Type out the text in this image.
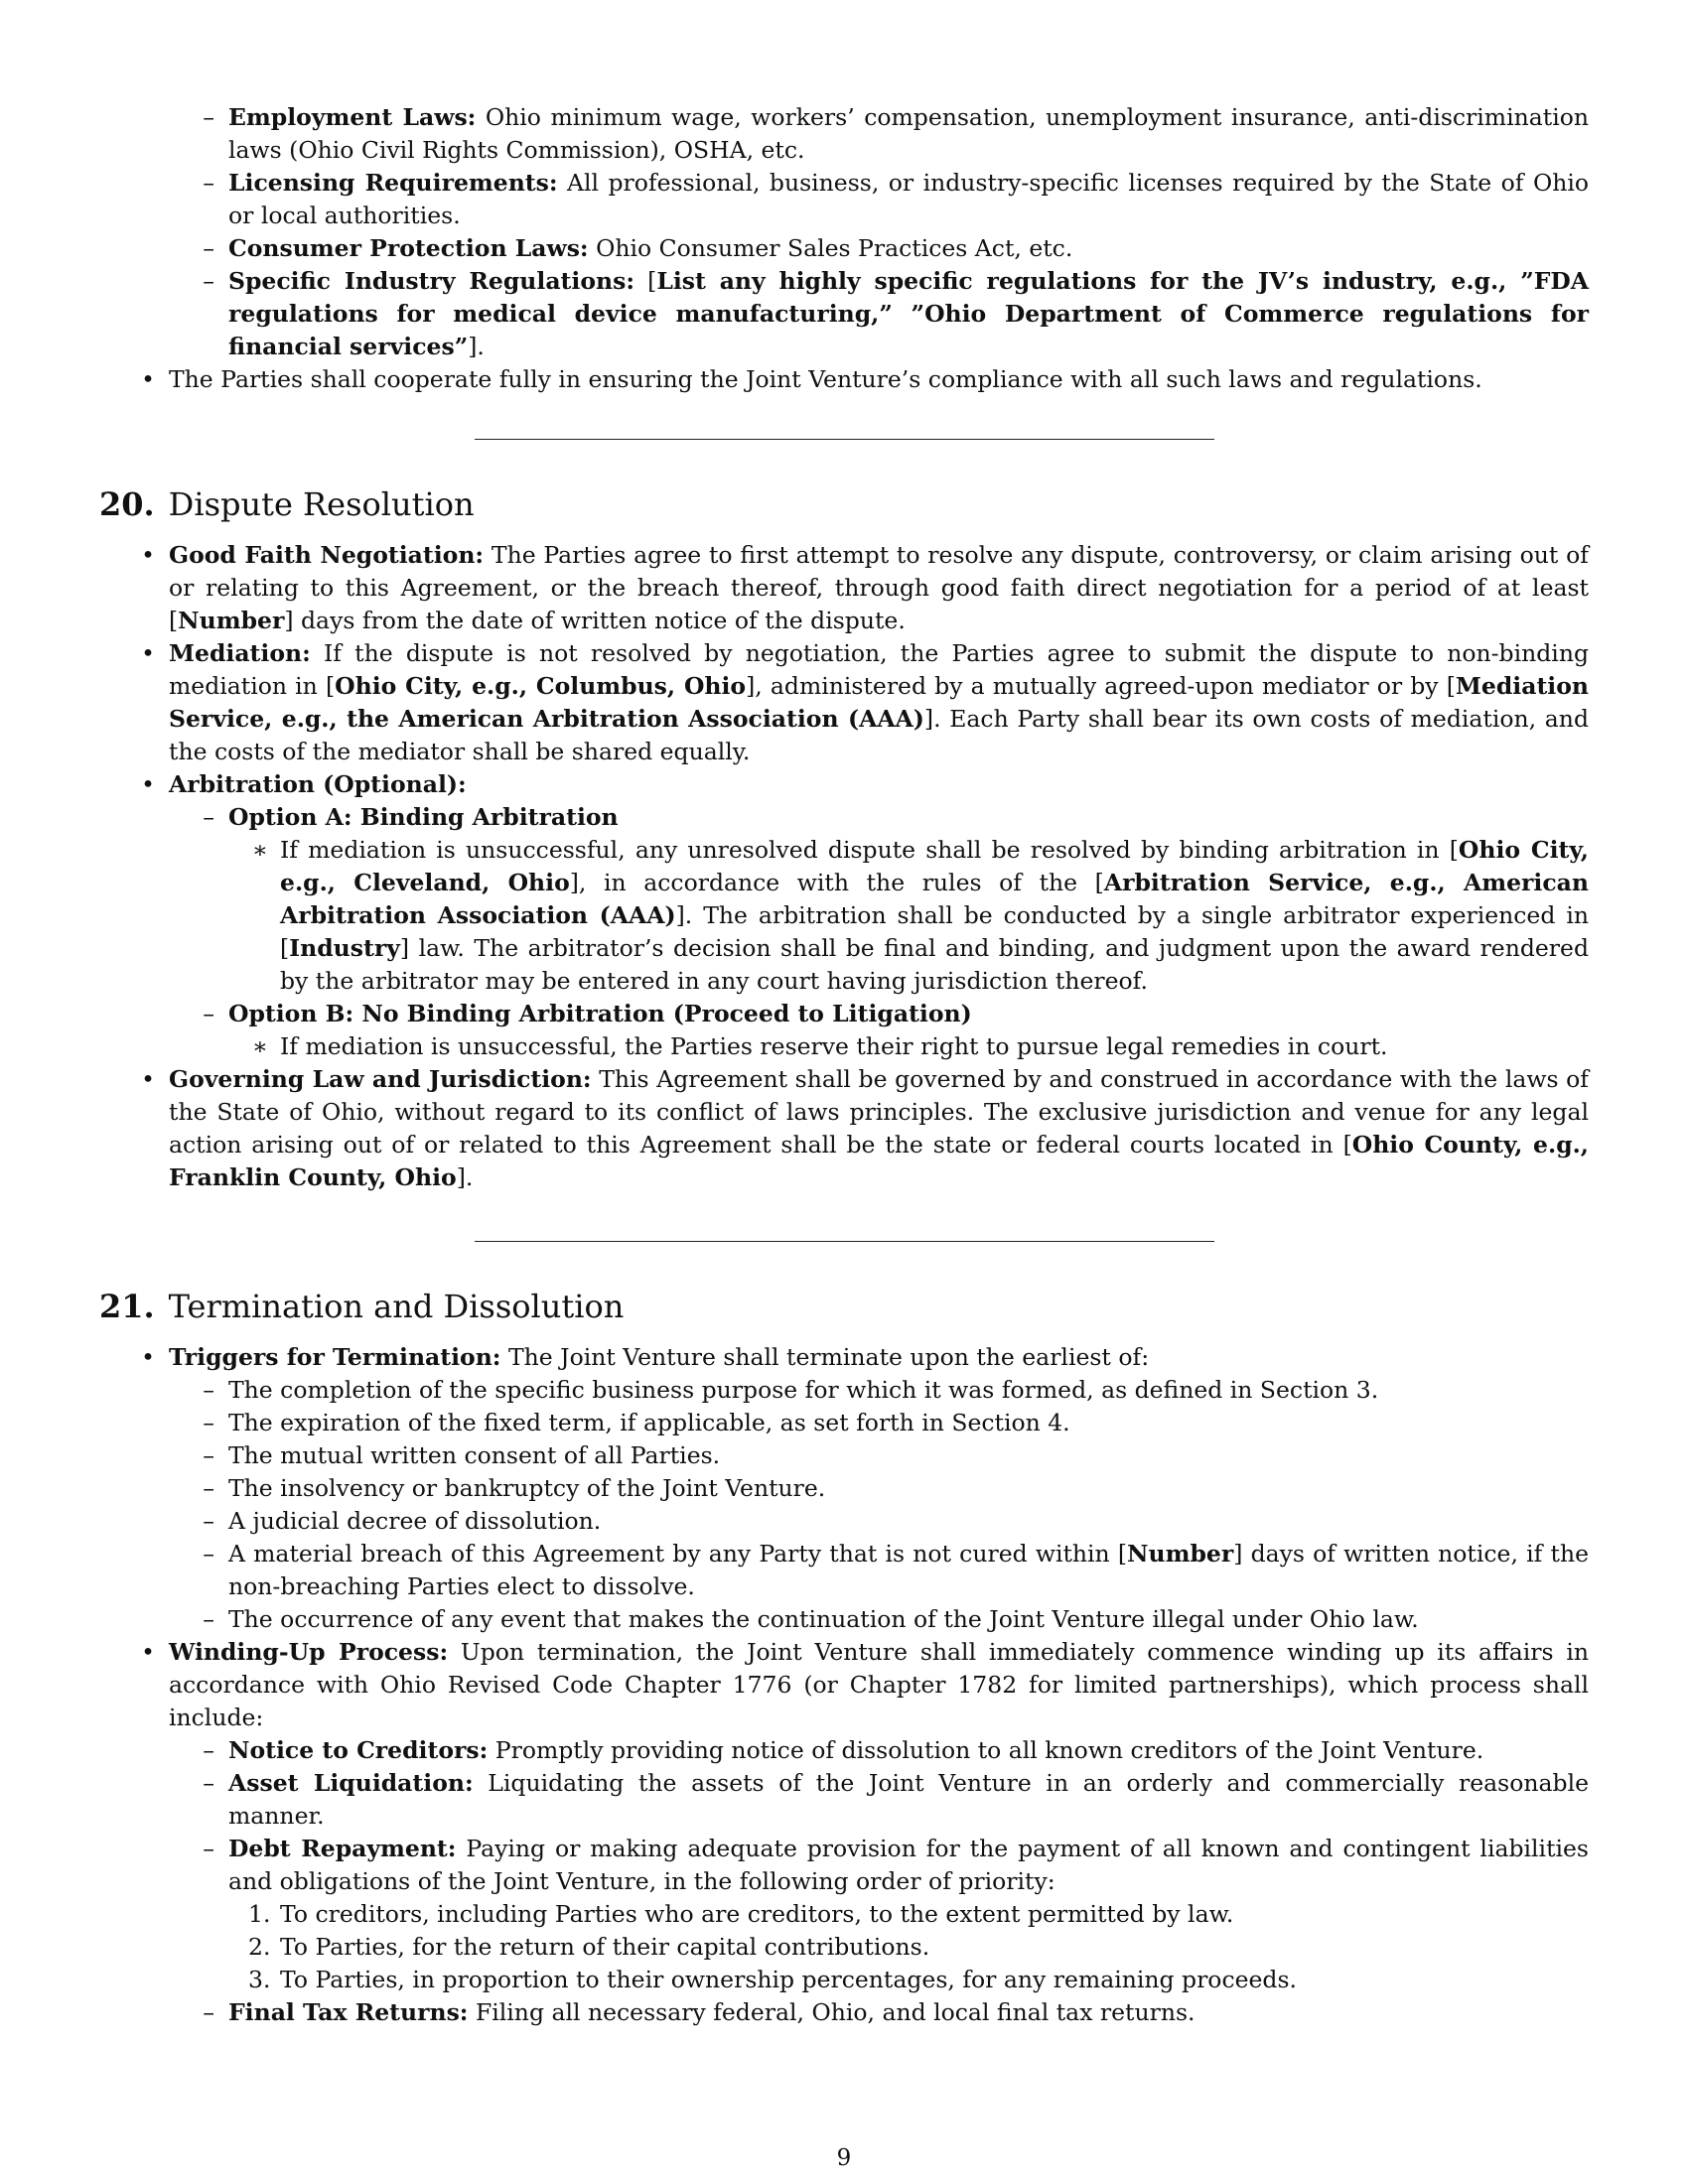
– Employment Laws: Ohio minimum wage, workers’ compensation, unemployment insurance, anti-discrimination laws (Ohio Civil Rights Commission), OSHA, etc.
– Licensing Requirements: All professional, business, or industry-specific licenses required by the State of Ohio or local authorities.
– Consumer Protection Laws: Ohio Consumer Sales Practices Act, etc.
– Specific Industry Regulations: [List any highly specific regulations for the JV’s industry, e.g., ”FDA regulations for medical device manufacturing,” ”Ohio Department of Commerce regulations for financial services”].
• The Parties shall cooperate fully in ensuring the Joint Venture’s compliance with all such laws and regulations.
20. Dispute Resolution
• Good Faith Negotiation: The Parties agree to first attempt to resolve any dispute, controversy, or claim arising out of or relating to this Agreement, or the breach thereof, through good faith direct negotiation for a period of at least [Number] days from the date of written notice of the dispute.
• Mediation: If the dispute is not resolved by negotiation, the Parties agree to submit the dispute to non-binding mediation in [Ohio City, e.g., Columbus, Ohio], administered by a mutually agreed-upon mediator or by [Mediation Service, e.g., the American Arbitration Association (AAA)]. Each Party shall bear its own costs of mediation, and the costs of the mediator shall be shared equally.
• Arbitration (Optional):
– Option A: Binding Arbitration
∗ If mediation is unsuccessful, any unresolved dispute shall be resolved by binding arbitration in [Ohio City, e.g., Cleveland, Ohio], in accordance with the rules of the [Arbitration Service, e.g., American Arbitration Association (AAA)]. The arbitration shall be conducted by a single arbitrator experienced in [Industry] law. The arbitrator’s decision shall be final and binding, and judgment upon the award rendered by the arbitrator may be entered in any court having jurisdiction thereof.
– Option B: No Binding Arbitration (Proceed to Litigation)
∗ If mediation is unsuccessful, the Parties reserve their right to pursue legal remedies in court.
• Governing Law and Jurisdiction: This Agreement shall be governed by and construed in accordance with the laws of the State of Ohio, without regard to its conflict of laws principles. The exclusive jurisdiction and venue for any legal action arising out of or related to this Agreement shall be the state or federal courts located in [Ohio County, e.g., Franklin County, Ohio].
21. Termination and Dissolution
• Triggers for Termination: The Joint Venture shall terminate upon the earliest of:
– The completion of the specific business purpose for which it was formed, as defined in Section 3.
– The expiration of the fixed term, if applicable, as set forth in Section 4.
– The mutual written consent of all Parties.
– The insolvency or bankruptcy of the Joint Venture.
– A judicial decree of dissolution.
– A material breach of this Agreement by any Party that is not cured within [Number] days of written notice, if the non-breaching Parties elect to dissolve.
– The occurrence of any event that makes the continuation of the Joint Venture illegal under Ohio law.
• Winding-Up Process: Upon termination, the Joint Venture shall immediately commence winding up its affairs in accordance with Ohio Revised Code Chapter 1776 (or Chapter 1782 for limited partnerships), which process shall include:
– Notice to Creditors: Promptly providing notice of dissolution to all known creditors of the Joint Venture.
– Asset Liquidation: Liquidating the assets of the Joint Venture in an orderly and commercially reasonable manner.
– Debt Repayment: Paying or making adequate provision for the payment of all known and contingent liabilities and obligations of the Joint Venture, in the following order of priority:
1. To creditors, including Parties who are creditors, to the extent permitted by law.
2. To Parties, for the return of their capital contributions.
3. To Parties, in proportion to their ownership percentages, for any remaining proceeds.
– Final Tax Returns: Filing all necessary federal, Ohio, and local final tax returns.
9
